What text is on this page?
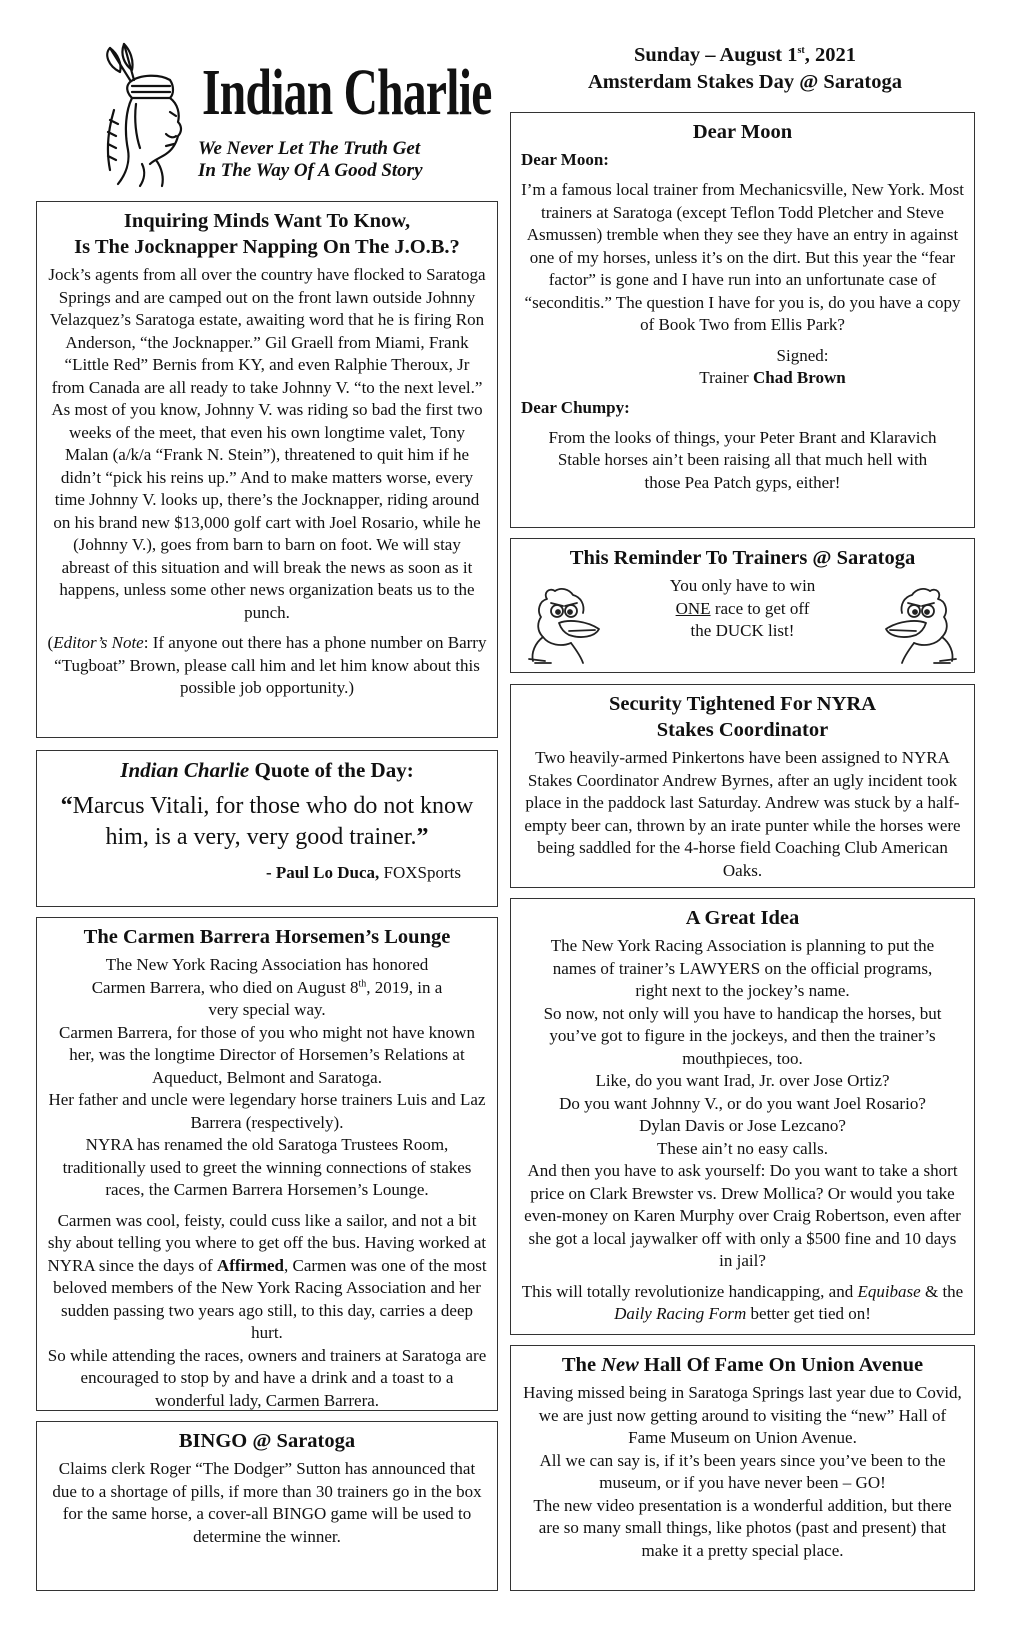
Indian Charlie
We Never Let The Truth Get
In The Way Of A Good Story
Sunday – August 1st, 2021
Amsterdam Stakes Day @ Saratoga
Inquiring Minds Want To Know,
Is The Jocknapper Napping On The J.O.B.?

Jock’s agents from all over the country have flocked to Saratoga Springs and are camped out on the front lawn outside Johnny Velazquez’s Saratoga estate, awaiting word that he is firing Ron Anderson, “the Jocknapper.” Gil Graell from Miami, Frank “Little Red” Bernis from KY, and even Ralphie Theroux, Jr from Canada are all ready to take Johnny V. “to the next level.” As most of you know, Johnny V. was riding so bad the first two weeks of the meet, that even his own longtime valet, Tony Malan (a/k/a “Frank N. Stein”), threatened to quit him if he didn’t “pick his reins up.” And to make matters worse, every time Johnny V. looks up, there’s the Jocknapper, riding around on his brand new $13,000 golf cart with Joel Rosario, while he (Johnny V.), goes from barn to barn on foot. We will stay abreast of this situation and will break the news as soon as it happens, unless some other news organization beats us to the punch.

(Editor’s Note: If anyone out there has a phone number on Barry “Tugboat” Brown, please call him and let him know about this possible job opportunity.)

Indian Charlie Quote of the Day:
“Marcus Vitali, for those who do not know him, is a very, very good trainer.”
- Paul Lo Duca, FOXSports
The Carmen Barrera Horsemen’s Lounge

The New York Racing Association has honored Carmen Barrera, who died on August 8th, 2019, in a very special way.

Carmen Barrera, for those of you who might not have known her, was the longtime Director of Horsemen’s Relations at Aqueduct, Belmont and Saratoga.

Her father and uncle were legendary horse trainers Luis and Laz Barrera (respectively).

NYRA has renamed the old Saratoga Trustees Room, traditionally used to greet the winning connections of stakes races, the Carmen Barrera Horsemen’s Lounge.

Carmen was cool, feisty, could cuss like a sailor, and not a bit shy about telling you where to get off the bus. Having worked at NYRA since the days of Affirmed, Carmen was one of the most beloved members of the New York Racing Association and her sudden passing two years ago still, to this day, carries a deep hurt.

So while attending the races, owners and trainers at Saratoga are encouraged to stop by and have a drink and a toast to a wonderful lady, Carmen Barrera.

BINGO @ Saratoga

Claims clerk Roger “The Dodger” Sutton has announced that due to a shortage of pills, if more than 30 trainers go in the box for the same horse, a cover-all BINGO game will be used to determine the winner.

Dear Moon
Dear Moon:

I’m a famous local trainer from Mechanicsville, New York. Most trainers at Saratoga (except Teflon Todd Pletcher and Steve Asmussen) tremble when they see they have an entry in against one of my horses, unless it’s on the dirt. But this year the “fear factor” is gone and I have run into an unfortunate case of “seconditis.” The question I have for you is, do you have a copy of Book Two from Ellis Park?

Signed:
Trainer Chad Brown
Dear Chumpy:

From the looks of things, your Peter Brant and Klaravich Stable horses ain’t been raising all that much hell with those Pea Patch gyps, either!

This Reminder To Trainers @ Saratoga
You only have to win
ONE race to get off
the DUCK list!
Security Tightened For NYRA
Stakes Coordinator

Two heavily-armed Pinkertons have been assigned to NYRA Stakes Coordinator Andrew Byrnes, after an ugly incident took place in the paddock last Saturday. Andrew was stuck by a half-empty beer can, thrown by an irate punter while the horses were being saddled for the 4-horse field Coaching Club American Oaks.

A Great Idea

The New York Racing Association is planning to put the names of trainer’s LAWYERS on the official programs, right next to the jockey’s name.

So now, not only will you have to handicap the horses, but you’ve got to figure in the jockeys, and then the trainer’s mouthpieces, too.

Like, do you want Irad, Jr. over Jose Ortiz?

Do you want Johnny V., or do you want Joel Rosario?

Dylan Davis or Jose Lezcano?

These ain’t no easy calls.

And then you have to ask yourself: Do you want to take a short price on Clark Brewster vs. Drew Mollica? Or would you take even-money on Karen Murphy over Craig Robertson, even after she got a local jaywalker off with only a $500 fine and 10 days in jail?

This will totally revolutionize handicapping, and Equibase & the Daily Racing Form better get tied on!

The New Hall Of Fame On Union Avenue

Having missed being in Saratoga Springs last year due to Covid, we are just now getting around to visiting the “new” Hall of Fame Museum on Union Avenue.

All we can say is, if it’s been years since you’ve been to the museum, or if you have never been – GO!

The new video presentation is a wonderful addition, but there are so many small things, like photos (past and present) that make it a pretty special place.
